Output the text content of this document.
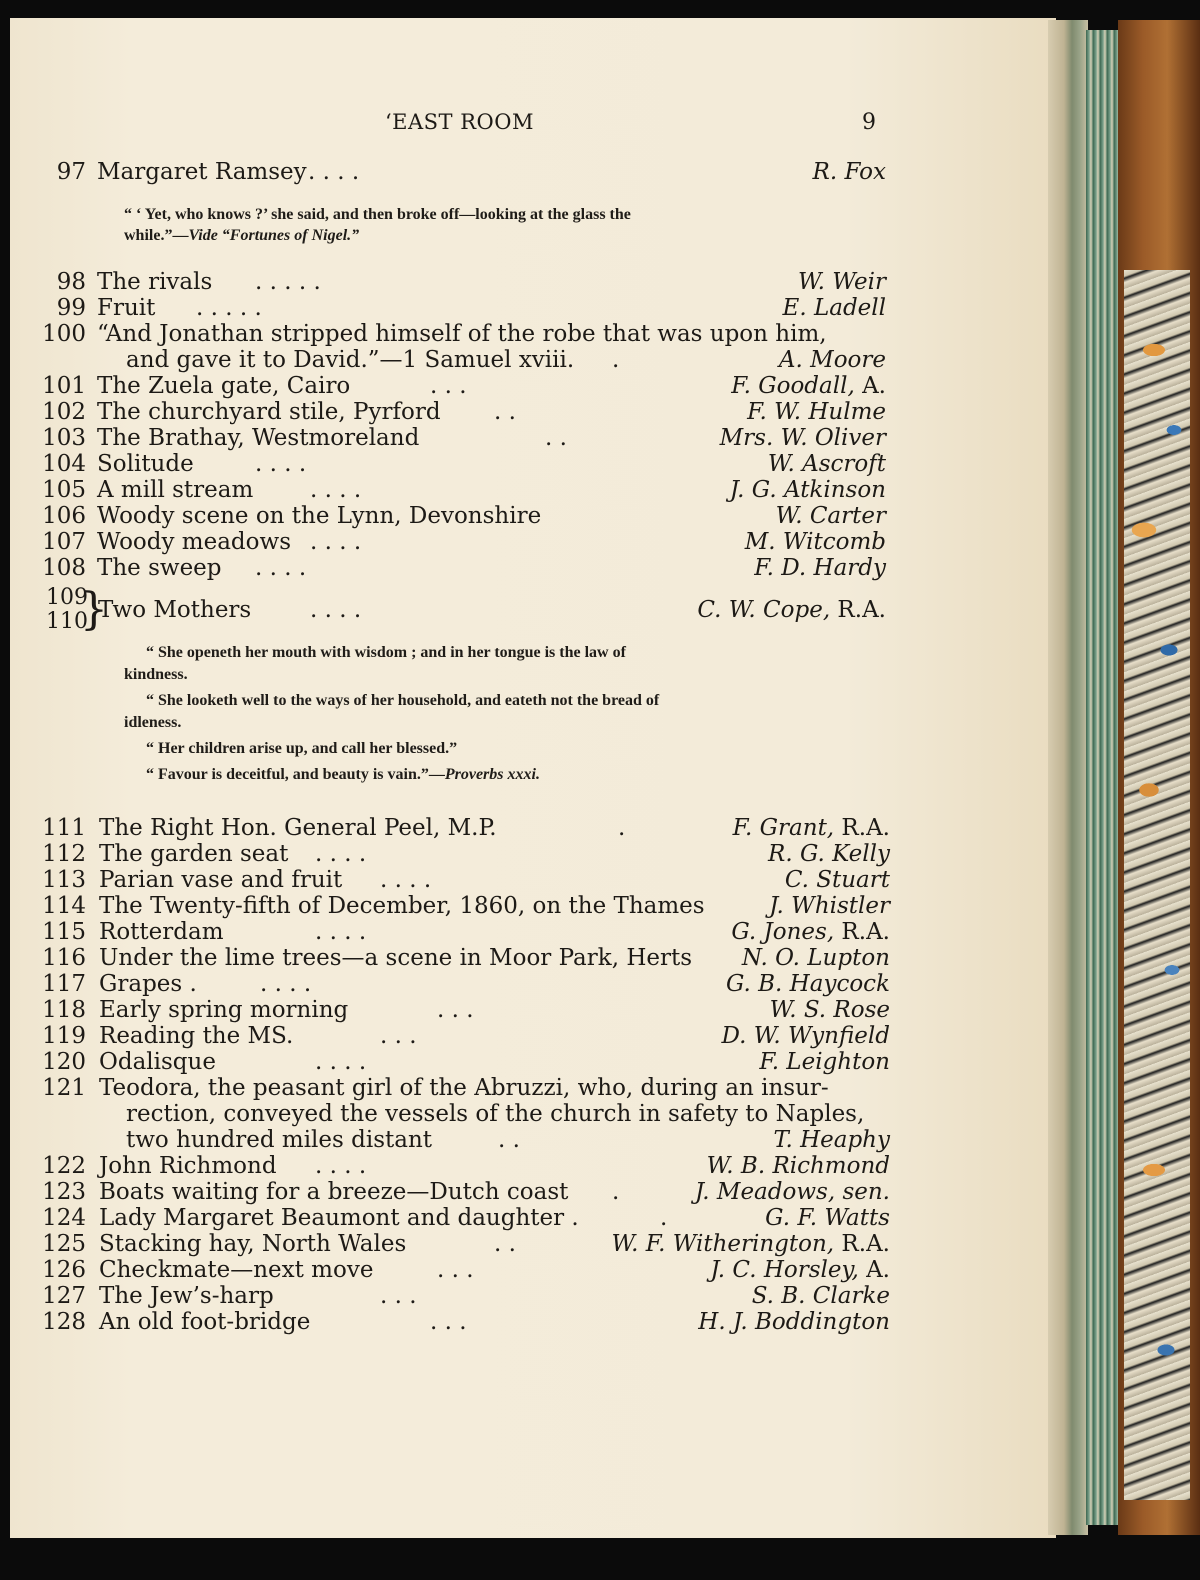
‘EAST ROOM	9
97 Margaret Ramsey . . . .	R. Fox
“ ‘ Yet, who knows ?’ she said, and then broke off—looking at the glass the
while.”—Vide “Fortunes of Nigel.”
98 The rivals . . . . .	W. Weir
99 Fruit . . . . .	E. Ladell
100 “And Jonathan stripped himself of the robe that was upon him,
and gave it to David.”—1 Samuel xviii. .	A. Moore
101 The Zuela gate, Cairo	. . .	F. Goodall, A.
102 The churchyard stile, Pyrford . .	F. W. Hulme
103 The Brathay, Westmoreland	. .	Mrs. W. Oliver
104 Solitude	. . . .	W. Ascroft
105 A mill stream . . . .	J. G. Atkinson
106 Woody scene on the Lynn, Devonshire	W. Carter
107 Woody meadows . . . .	M. Witcomb
108 The sweep . . . .	F. D. Hardy
109
110
}
Two Mothers	. . . .	C. W. Cope, R.A.
“ She openeth her mouth with wisdom ; and in her tongue is the law of
kindness.
“ She looketh well to the ways of her household, and eateth not the bread of
idleness.
“ Her children arise up, and call her blessed.”
“ Favour is deceitful, and beauty is vain.”—Proverbs xxxi.
111 The Right Hon. General Peel, M.P.	.	F. Grant, R.A.
112 The garden seat . . . .	R. G. Kelly
113 Parian vase and fruit . . . .	C. Stuart
114 The Twenty-fifth of December, 1860, on the Thames	J. Whistler
115 Rotterdam	. . . .	G. Jones, R.A.
116 Under the lime trees—a scene in Moor Park, Herts N. O. Lupton
117 Grapes .	. . . .	G. B. Haycock
118 Early spring morning	. . .	W. S. Rose
119 Reading the MS.	. . .	D. W. Wynfield
120 Odalisque	. . . .	F. Leighton
121 Teodora, the peasant girl of the Abruzzi, who, during an insur-
rection, conveyed the vessels of the church in safety to Naples,
two hundred miles distant	. .	T. Heaphy
122 John Richmond . . . .	W. B. Richmond
123 Boats waiting for a breeze—Dutch coast .	J. Meadows, sen.
124 Lady Margaret Beaumont and daughter .	.	G. F. Watts
125 Stacking hay, North Wales	. .	W. F. Witherington, R.A.
126 Checkmate—next move	. . .	J. C. Horsley, A.
127 The Jew’s-harp	. . .	S. B. Clarke
128 An old foot-bridge	. . .	H. J. Boddington
